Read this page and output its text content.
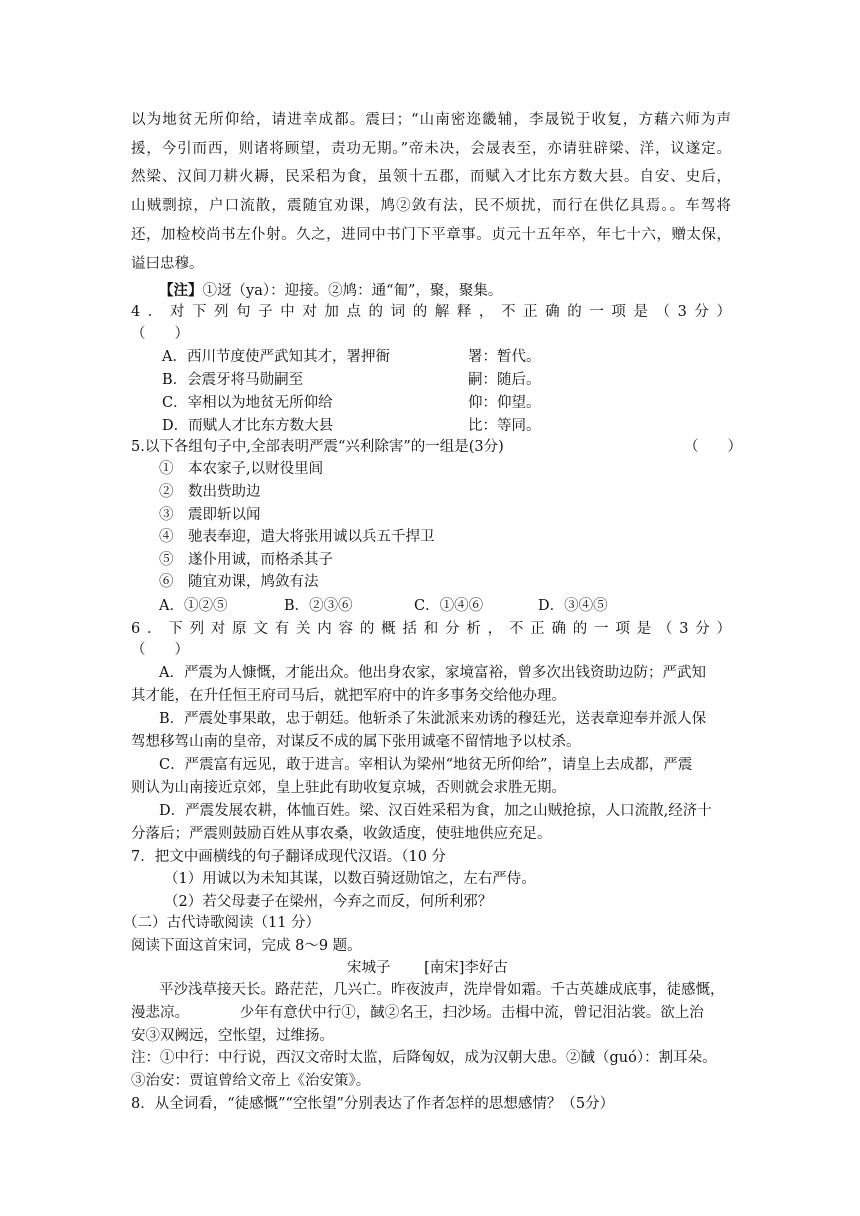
以为地贫无所仰给，请进幸成都。震曰；“山南密迩畿辅，李晟锐于收复，方藉六师为声
援，今引而西，则诸将顾望，责功无期。”帝未决，会晟表至，亦请驻辟梁、洋，议遂定。
然梁、汉间刀耕火耨，民采稆为食，虽领十五郡，而赋入才比东方数大县。自安、史后，
山贼剽掠，户口流散，震随宜劝课，鸠②敛有法，民不烦扰，而行在供亿具焉。。车驾将
还，加检校尚书左仆射。久之，进同中书门下平章事。贞元十五年卒，年七十六，赠太保，
谥曰忠穆。
【注】①迓（ya）：迎接。②鸠：通“匍”，聚，聚集。
4．对下列句子中对加点的词的解释，不正确的一项是（3分）
（　　）
A．西川节度使严武知其才，署押衙	署：暂代。
B．会震牙将马勋嗣至	嗣：随后。
C．宰相以为地贫无所仰给	仰：仰望。
D．而赋人才比东方数大县	比：等同。
5.以下各组句子中,全部表明严震“兴利除害”的一组是(3分)	（　　）
①　本农家子,以财役里闾
②　数出赀助边
③　震即斩以闻
④　驰表奉迎，遣大将张用诚以兵五千捍卫
⑤　遂仆用诚，而格杀其子
⑥　随宜劝课，鸠敛有法
A．①②⑤	B．②③⑥	C．①④⑥	D．③④⑤
6．下列对原文有关内容的概括和分析，不正确的一项是（3分）
（　　）
A．严震为人慷慨，才能出众。他出身农家，家境富裕，曾多次出钱资助边防；严武知
其才能，在升任恒王府司马后，就把军府中的许多事务交给他办理。
B．严震处事果敢，忠于朝廷。他斩杀了朱泚派来劝诱的穆廷光，送表章迎奉并派人保
驾想移驾山南的皇帝，对谋反不成的属下张用诚毫不留情地予以杖杀。
C．严震富有远见，敢于进言。宰相认为梁州“地贫无所仰给”，请皇上去成都，严震
则认为山南接近京郊，皇上驻此有助收复京城，否则就会求胜无期。
D．严震发展农耕，体恤百姓。梁、汉百姓采稆为食，加之山贼抢掠，人口流散,经济十
分落后；严震则鼓励百姓从事农桑，收敛适度，使驻地供应充足。
7．把文中画横线的句子翻译成现代汉语。（10 分
（1）用诚以为未知其谋，以数百骑迓勋馆之，左右严侍。
（2）若父母妻子在梁州，今弃之而反，何所利邪？
（二）古代诗歌阅读（11 分）
阅读下面这首宋词，完成 8～9 题。
宋城子　　 [南宋]李好古
平沙浅草接天长。路茫茫，几兴亡。昨夜波声，洗岸骨如霜。千古英雄成底事，徒感慨，
漫悲凉。　　　　少年有意伏中行①，馘②名王，扫沙场。击楫中流，曾记泪沾裳。欲上治
安③双阙远，空怅望，过维扬。
注：①中行：中行说，西汉文帝时太监，后降匈奴，成为汉朝大患。②馘（guó）：割耳朵。
③治安：贾谊曾给文帝上《治安策》。
8．从全词看，“徒感慨”“空怅望”分别表达了作者怎样的思想感情？（5分）
